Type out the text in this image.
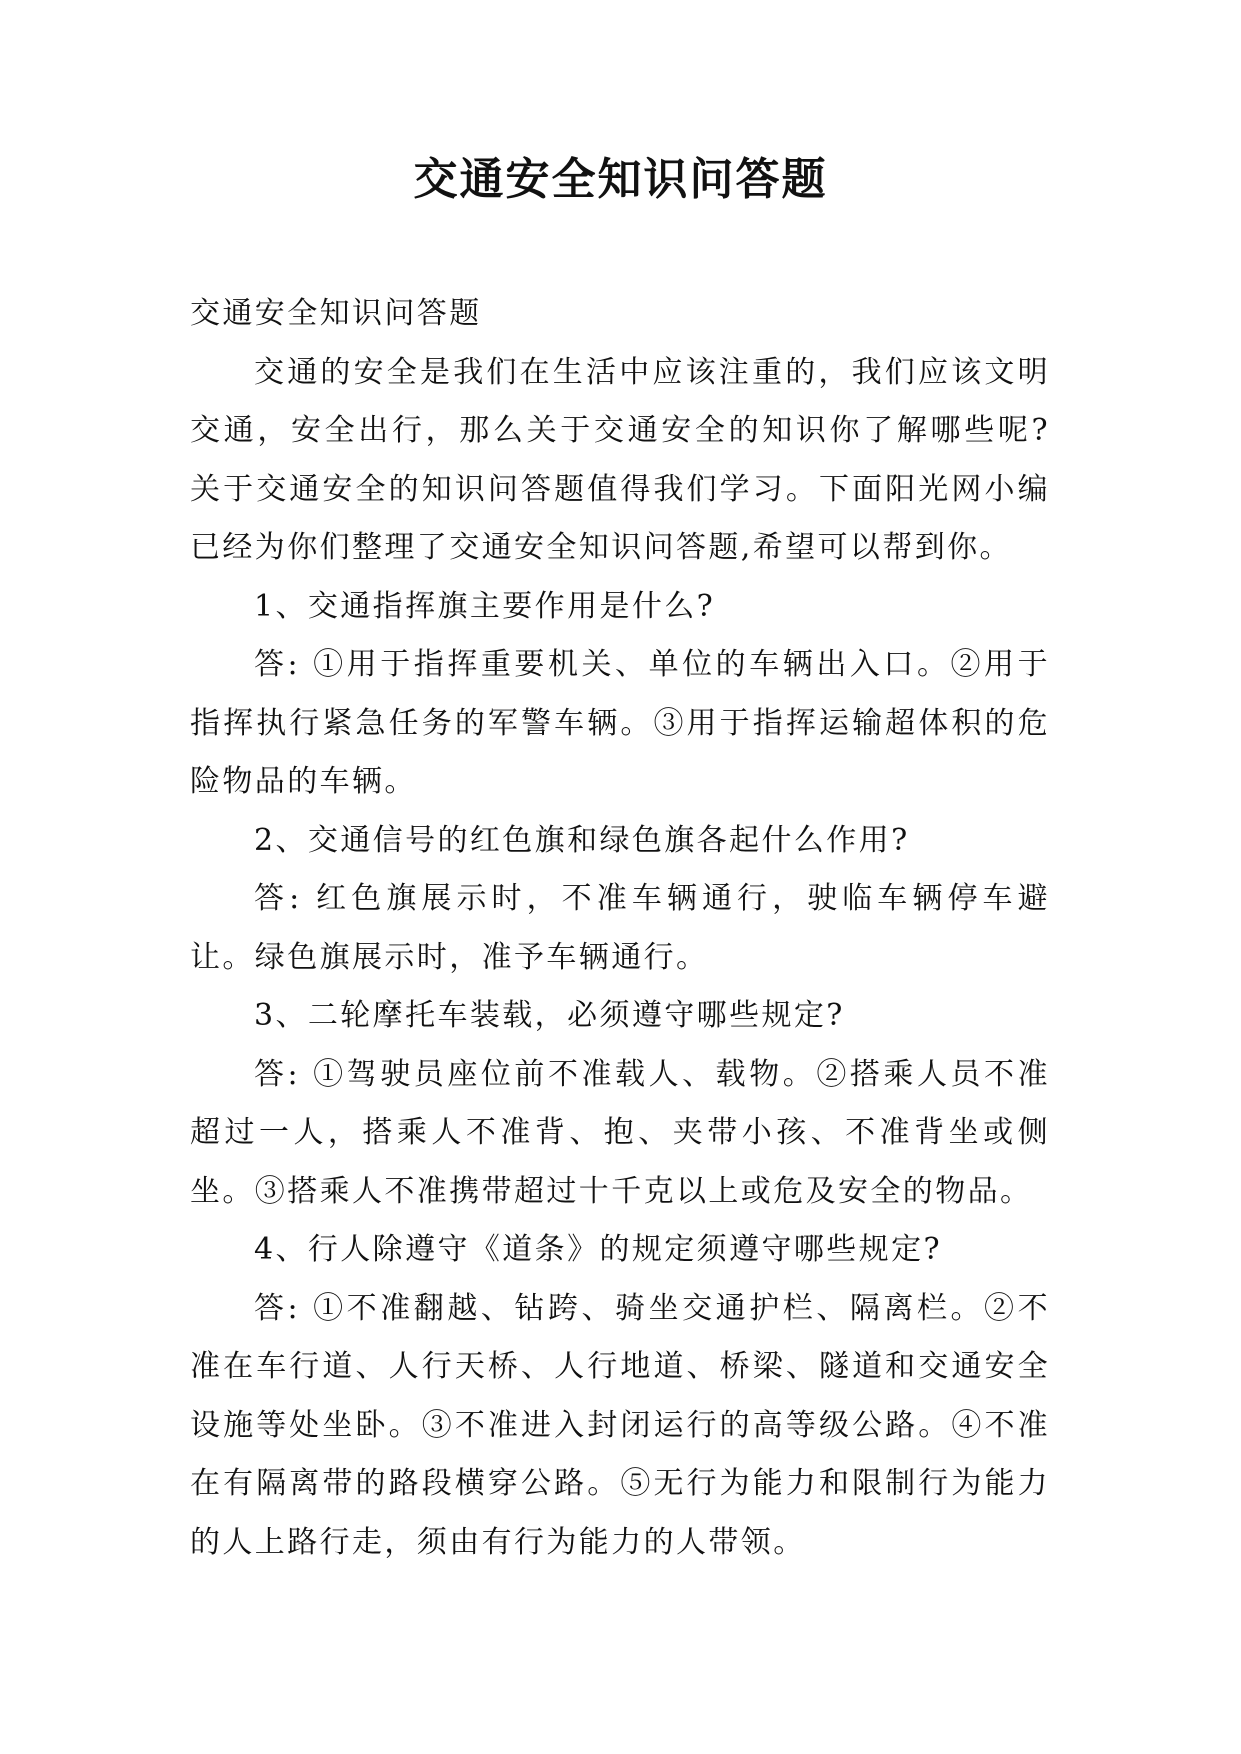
交通安全知识问答题

交通安全知识问答题

交通的安全是我们在生活中应该注重的，我们应该文明交通，安全出行，那么关于交通安全的知识你了解哪些呢?关于交通安全的知识问答题值得我们学习。下面阳光网小编已经为你们整理了交通安全知识问答题,希望可以帮到你。

1、交通指挥旗主要作用是什么?

答: ①用于指挥重要机关、单位的车辆出入口。②用于指挥执行紧急任务的军警车辆。③用于指挥运输超体积的危险物品的车辆。

2、交通信号的红色旗和绿色旗各起什么作用?

答: 红色旗展示时，不准车辆通行，驶临车辆停车避让。绿色旗展示时，准予车辆通行。

3、二轮摩托车装载，必须遵守哪些规定?

答: ①驾驶员座位前不准载人、载物。②搭乘人员不准超过一人，搭乘人不准背、抱、夹带小孩、不准背坐或侧坐。③搭乘人不准携带超过十千克以上或危及安全的物品。

4、行人除遵守《道条》的规定须遵守哪些规定?

答: ①不准翻越、钻跨、骑坐交通护栏、隔离栏。②不准在车行道、人行天桥、人行地道、桥梁、隧道和交通安全设施等处坐卧。③不准进入封闭运行的高等级公路。④不准在有隔离带的路段横穿公路。⑤无行为能力和限制行为能力的人上路行走，须由有行为能力的人带领。
